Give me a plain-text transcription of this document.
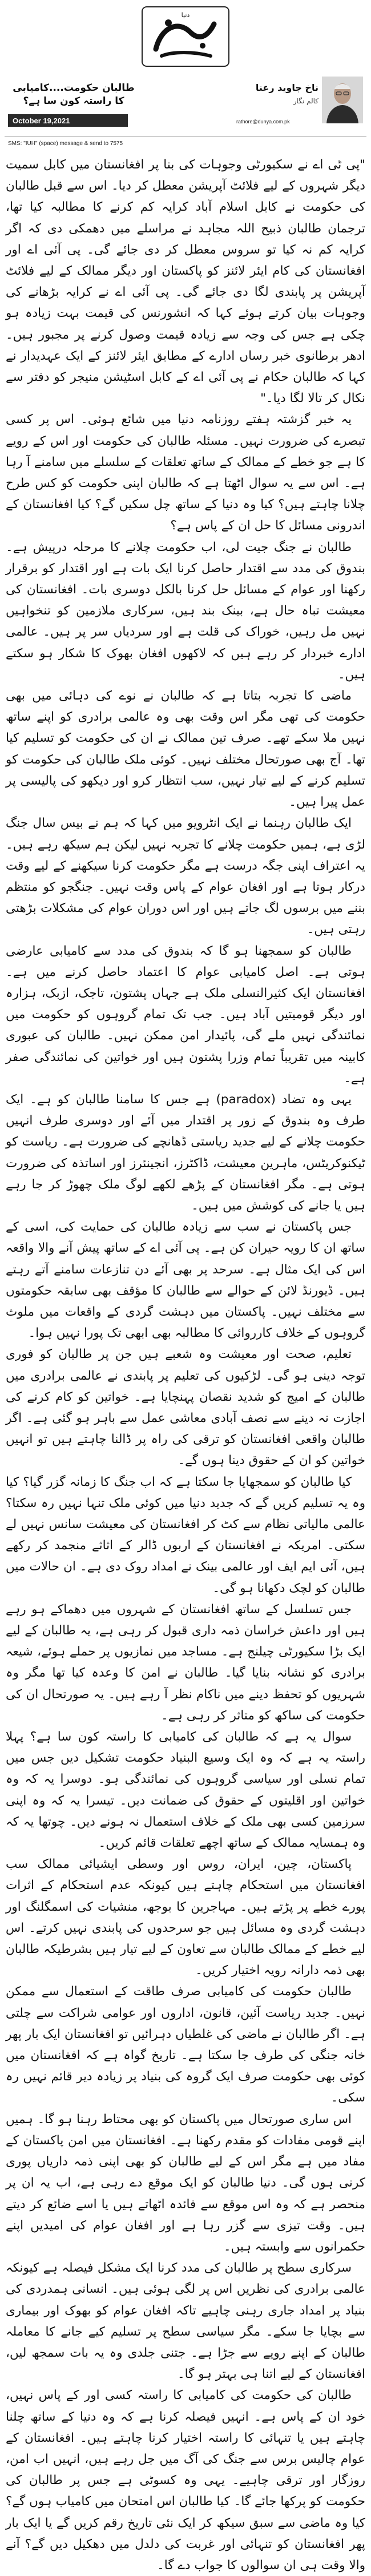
دنیا
طالبان حکومت....کامیابی کا راستہ کون سا ہے؟
October 19,2021
ناخ جاوید رعنا
کالم نگار
rathore@dunya.com.pk
SMS: "IUH" (space) message & send to 7575

"پی ٹی اے نے سکیورٹی وجوہات کی بنا پر افغانستان میں کابل سمیت دیگر شہروں کے لیے فلائٹ آپریشن معطل کر دیا۔ اس سے قبل طالبان کی حکومت نے کابل اسلام آباد کرایہ کم کرنے کا مطالبہ کیا تھا، ترجمان طالبان ذبیح اللہ مجاہد نے مراسلے میں دھمکی دی کہ اگر کرایہ کم نہ کیا تو سروس معطل کر دی جائے گی۔ پی آئی اے اور افغانستان کی کام ایئر لائنز کو پاکستان اور دیگر ممالک کے لیے فلائٹ آپریشن پر پابندی لگا دی جائے گی۔ پی آئی اے نے کرایہ بڑھانے کی وجوہات بیان کرتے ہوئے کہا کہ انشورنس کی قیمت بہت زیادہ ہو چکی ہے جس کی وجہ سے زیادہ قیمت وصول کرنے پر مجبور ہیں۔ ادھر برطانوی خبر رساں ادارے کے مطابق ایئر لائنز کے ایک عہدیدار نے کہا کہ طالبان حکام نے پی آئی اے کے کابل اسٹیشن منیجر کو دفتر سے نکال کر تالا لگا دیا۔"

یہ خبر گزشتہ ہفتے روزنامہ دنیا میں شائع ہوئی۔ اس پر کسی تبصرے کی ضرورت نہیں۔ مسئلہ طالبان کی حکومت اور اس کے رویے کا ہے جو خطے کے ممالک کے ساتھ تعلقات کے سلسلے میں سامنے آ رہا ہے۔ اس سے یہ سوال اٹھتا ہے کہ طالبان اپنی حکومت کو کس طرح چلانا چاہتے ہیں؟ کیا وہ دنیا کے ساتھ چل سکیں گے؟ کیا افغانستان کے اندرونی مسائل کا حل ان کے پاس ہے؟

طالبان نے جنگ جیت لی، اب حکومت چلانے کا مرحلہ درپیش ہے۔ بندوق کی مدد سے اقتدار حاصل کرنا ایک بات ہے اور اقتدار کو برقرار رکھنا اور عوام کے مسائل حل کرنا بالکل دوسری بات۔ افغانستان کی معیشت تباہ حال ہے، بینک بند ہیں، سرکاری ملازمین کو تنخواہیں نہیں مل رہیں، خوراک کی قلت ہے اور سردیاں سر پر ہیں۔ عالمی ادارے خبردار کر رہے ہیں کہ لاکھوں افغان بھوک کا شکار ہو سکتے ہیں۔

ماضی کا تجربہ بتاتا ہے کہ طالبان نے نوے کی دہائی میں بھی حکومت کی تھی مگر اس وقت بھی وہ عالمی برادری کو اپنے ساتھ نہیں ملا سکے تھے۔ صرف تین ممالک نے ان کی حکومت کو تسلیم کیا تھا۔ آج بھی صورتحال مختلف نہیں۔ کوئی ملک طالبان کی حکومت کو تسلیم کرنے کے لیے تیار نہیں، سب انتظار کرو اور دیکھو کی پالیسی پر عمل پیرا ہیں۔

ایک طالبان رہنما نے ایک انٹرویو میں کہا کہ ہم نے بیس سال جنگ لڑی ہے، ہمیں حکومت چلانے کا تجربہ نہیں لیکن ہم سیکھ رہے ہیں۔ یہ اعتراف اپنی جگہ درست ہے مگر حکومت کرنا سیکھنے کے لیے وقت درکار ہوتا ہے اور افغان عوام کے پاس وقت نہیں۔ جنگجو کو منتظم بننے میں برسوں لگ جاتے ہیں اور اس دوران عوام کی مشکلات بڑھتی رہتی ہیں۔

طالبان کو سمجھنا ہو گا کہ بندوق کی مدد سے کامیابی عارضی ہوتی ہے۔ اصل کامیابی عوام کا اعتماد حاصل کرنے میں ہے۔ افغانستان ایک کثیرالنسلی ملک ہے جہاں پشتون، تاجک، ازبک، ہزارہ اور دیگر قومیتیں آباد ہیں۔ جب تک تمام گروہوں کو حکومت میں نمائندگی نہیں ملے گی، پائیدار امن ممکن نہیں۔ طالبان کی عبوری کابینہ میں تقریباً تمام وزرا پشتون ہیں اور خواتین کی نمائندگی صفر ہے۔

یہی وہ تضاد (paradox) ہے جس کا سامنا طالبان کو ہے۔ ایک طرف وہ بندوق کے زور پر اقتدار میں آئے اور دوسری طرف انہیں حکومت چلانے کے لیے جدید ریاستی ڈھانچے کی ضرورت ہے۔ ریاست کو ٹیکنوکریٹس، ماہرین معیشت، ڈاکٹرز، انجینئرز اور اساتذہ کی ضرورت ہوتی ہے۔ مگر افغانستان کے پڑھے لکھے لوگ ملک چھوڑ کر جا رہے ہیں یا جانے کی کوشش میں ہیں۔

جس پاکستان نے سب سے زیادہ طالبان کی حمایت کی، اسی کے ساتھ ان کا رویہ حیران کن ہے۔ پی آئی اے کے ساتھ پیش آنے والا واقعہ اس کی ایک مثال ہے۔ سرحد پر بھی آئے دن تنازعات سامنے آتے رہتے ہیں۔ ڈیورنڈ لائن کے حوالے سے طالبان کا مؤقف بھی سابقہ حکومتوں سے مختلف نہیں۔ پاکستان میں دہشت گردی کے واقعات میں ملوث گروہوں کے خلاف کارروائی کا مطالبہ بھی ابھی تک پورا نہیں ہوا۔

تعلیم، صحت اور معیشت وہ شعبے ہیں جن پر طالبان کو فوری توجہ دینی ہو گی۔ لڑکیوں کی تعلیم پر پابندی نے عالمی برادری میں طالبان کے امیج کو شدید نقصان پہنچایا ہے۔ خواتین کو کام کرنے کی اجازت نہ دینے سے نصف آبادی معاشی عمل سے باہر ہو گئی ہے۔ اگر طالبان واقعی افغانستان کو ترقی کی راہ پر ڈالنا چاہتے ہیں تو انہیں خواتین کو ان کے حقوق دینا ہوں گے۔

کیا طالبان کو سمجھایا جا سکتا ہے کہ اب جنگ کا زمانہ گزر گیا؟ کیا وہ یہ تسلیم کریں گے کہ جدید دنیا میں کوئی ملک تنہا نہیں رہ سکتا؟ عالمی مالیاتی نظام سے کٹ کر افغانستان کی معیشت سانس نہیں لے سکتی۔ امریکہ نے افغانستان کے اربوں ڈالر کے اثاثے منجمد کر رکھے ہیں، آئی ایم ایف اور عالمی بینک نے امداد روک دی ہے۔ ان حالات میں طالبان کو لچک دکھانا ہو گی۔

جس تسلسل کے ساتھ افغانستان کے شہروں میں دھماکے ہو رہے ہیں اور داعش خراسان ذمہ داری قبول کر رہی ہے، یہ طالبان کے لیے ایک بڑا سکیورٹی چیلنج ہے۔ مساجد میں نمازیوں پر حملے ہوئے، شیعہ برادری کو نشانہ بنایا گیا۔ طالبان نے امن کا وعدہ کیا تھا مگر وہ شہریوں کو تحفظ دینے میں ناکام نظر آ رہے ہیں۔ یہ صورتحال ان کی حکومت کی ساکھ کو متاثر کر رہی ہے۔

سوال یہ ہے کہ طالبان کی کامیابی کا راستہ کون سا ہے؟ پہلا راستہ یہ ہے کہ وہ ایک وسیع البنیاد حکومت تشکیل دیں جس میں تمام نسلی اور سیاسی گروہوں کی نمائندگی ہو۔ دوسرا یہ کہ وہ خواتین اور اقلیتوں کے حقوق کی ضمانت دیں۔ تیسرا یہ کہ وہ اپنی سرزمین کسی بھی ملک کے خلاف استعمال نہ ہونے دیں۔ چوتھا یہ کہ وہ ہمسایہ ممالک کے ساتھ اچھے تعلقات قائم کریں۔

پاکستان، چین، ایران، روس اور وسطی ایشیائی ممالک سب افغانستان میں استحکام چاہتے ہیں کیونکہ عدم استحکام کے اثرات پورے خطے پر پڑتے ہیں۔ مہاجرین کا بوجھ، منشیات کی اسمگلنگ اور دہشت گردی وہ مسائل ہیں جو سرحدوں کی پابندی نہیں کرتے۔ اس لیے خطے کے ممالک طالبان سے تعاون کے لیے تیار ہیں بشرطیکہ طالبان بھی ذمہ دارانہ رویہ اختیار کریں۔

طالبان حکومت کی کامیابی صرف طاقت کے استعمال سے ممکن نہیں۔ جدید ریاست آئین، قانون، اداروں اور عوامی شراکت سے چلتی ہے۔ اگر طالبان نے ماضی کی غلطیاں دہرائیں تو افغانستان ایک بار پھر خانہ جنگی کی طرف جا سکتا ہے۔ تاریخ گواہ ہے کہ افغانستان میں کوئی بھی حکومت صرف ایک گروہ کی بنیاد پر زیادہ دیر قائم نہیں رہ سکی۔

اس ساری صورتحال میں پاکستان کو بھی محتاط رہنا ہو گا۔ ہمیں اپنے قومی مفادات کو مقدم رکھنا ہے۔ افغانستان میں امن پاکستان کے مفاد میں ہے مگر اس کے لیے طالبان کو بھی اپنی ذمہ داریاں پوری کرنی ہوں گی۔ دنیا طالبان کو ایک موقع دے رہی ہے، اب یہ ان پر منحصر ہے کہ وہ اس موقع سے فائدہ اٹھاتے ہیں یا اسے ضائع کر دیتے ہیں۔ وقت تیزی سے گزر رہا ہے اور افغان عوام کی امیدیں اپنے حکمرانوں سے وابستہ ہیں۔

سرکاری سطح پر طالبان کی مدد کرنا ایک مشکل فیصلہ ہے کیونکہ عالمی برادری کی نظریں اس پر لگی ہوئی ہیں۔ انسانی ہمدردی کی بنیاد پر امداد جاری رہنی چاہیے تاکہ افغان عوام کو بھوک اور بیماری سے بچایا جا سکے۔ مگر سیاسی سطح پر تسلیم کیے جانے کا معاملہ طالبان کے اپنے رویے سے جڑا ہے۔ جتنی جلدی وہ یہ بات سمجھ لیں، افغانستان کے لیے اتنا ہی بہتر ہو گا۔

طالبان کی حکومت کی کامیابی کا راستہ کسی اور کے پاس نہیں، خود ان کے پاس ہے۔ انہیں فیصلہ کرنا ہے کہ وہ دنیا کے ساتھ چلنا چاہتے ہیں یا تنہائی کا راستہ اختیار کرنا چاہتے ہیں۔ افغانستان کے عوام چالیس برس سے جنگ کی آگ میں جل رہے ہیں، انہیں اب امن، روزگار اور ترقی چاہیے۔ یہی وہ کسوٹی ہے جس پر طالبان کی حکومت کو پرکھا جائے گا۔ کیا طالبان اس امتحان میں کامیاب ہوں گے؟ کیا وہ ماضی سے سبق سیکھ کر ایک نئی تاریخ رقم کریں گے یا ایک بار پھر افغانستان کو تنہائی اور غربت کی دلدل میں دھکیل دیں گے؟ آنے والا وقت ہی ان سوالوں کا جواب دے گا۔
